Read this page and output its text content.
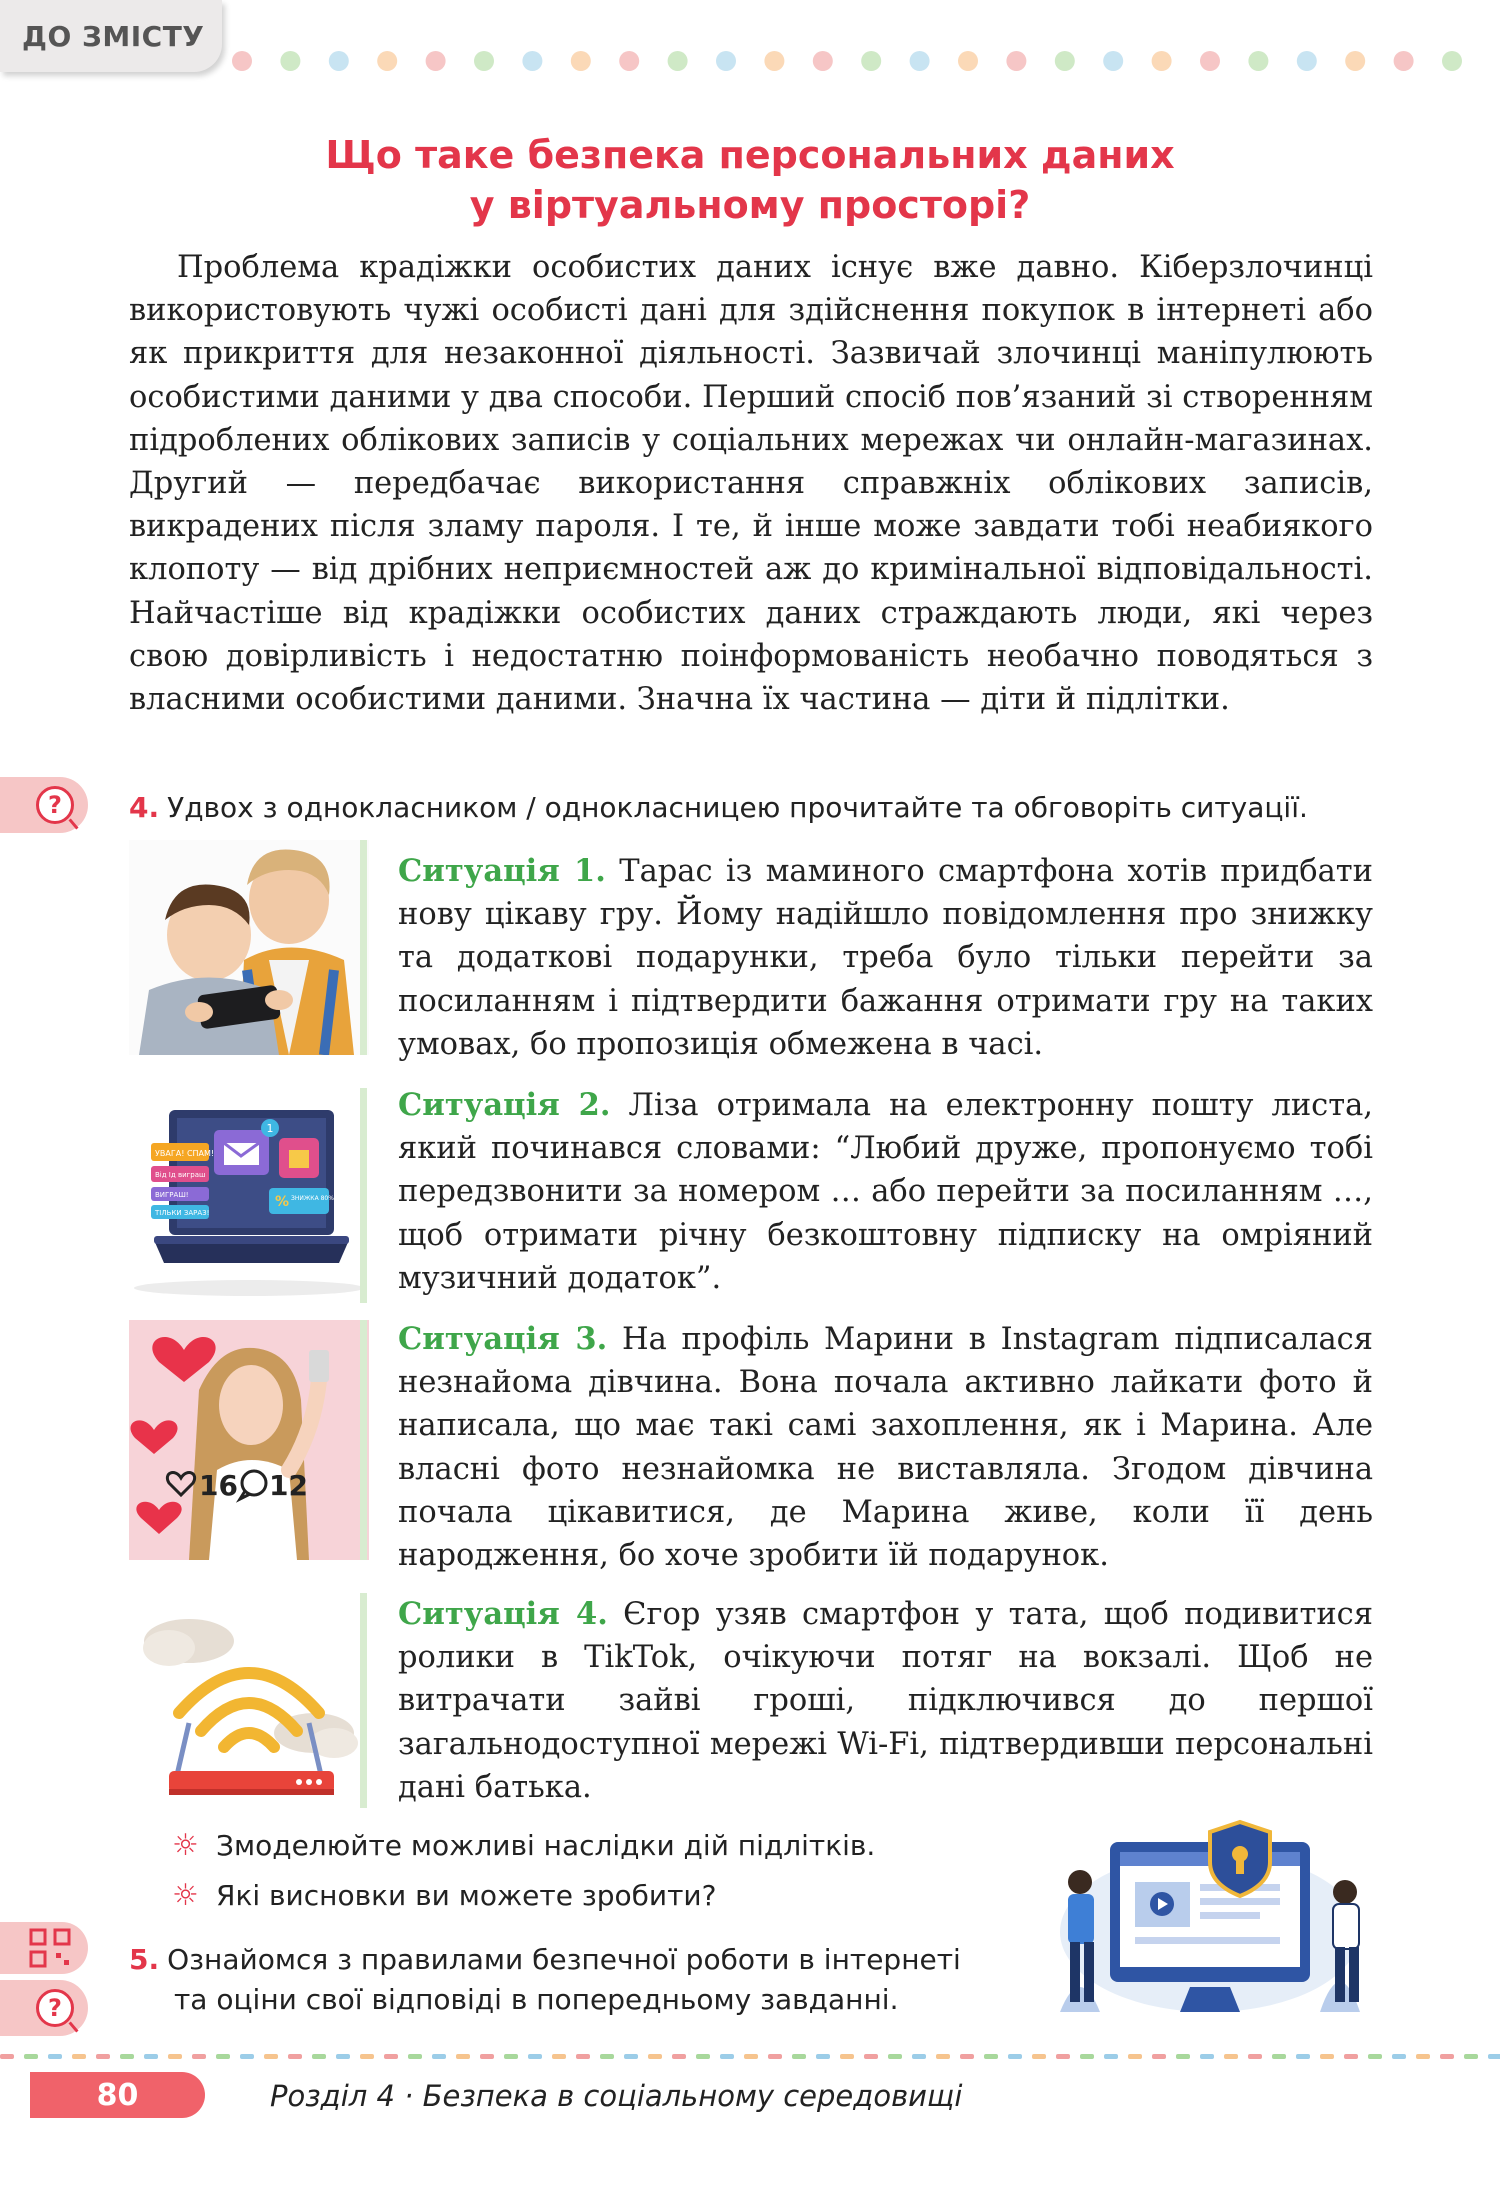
ДО ЗМІСТУ
Що таке безпека персональних даних
у віртуальному просторі?
Проблема крадіжки особистих даних існує вже давно. Кіберзлочинці використовують чужі особисті дані для здійснення покупок в інтернеті або як прикриття для незаконної діяльності. Зазвичай злочинці маніпулюють особистими даними у два способи. Перший спосіб пов’язаний зі створенням підроблених облікових записів у соціальних мережах чи онлайн-магазинах. Другий — передбачає використання справжніх облікових записів, викрадених після зламу пароля. І те, й інше може завдати тобі неабиякого клопоту — від дрібних неприємностей аж до кримінальної відповідальності. Найчастіше від крадіжки особистих даних страждають люди, які через свою довірливість і недостатню поінформованість необачно поводяться з власними особистими даними. Значна їх частина — діти й підлітки.
?	4. Удвох з однокласником / однокласницею прочитайте та обговоріть ситуації.
Ситуація 1. Тарас із маминого смартфона хотів придбати нову цікаву гру. Йому надійшло повідомлення про знижку та додаткові подарунки, треба було тільки перейти за посиланням і підтвердити бажання отримати гру на таких умовах, бо пропозиція обмежена в часі.
1
УВАГА! СПАМ!
Від Ід виграш
ВИГРАШ!
ТІЛЬКИ ЗАРАЗ!
% ЗНИЖКА 80% !!!
Ситуація 2. Ліза отримала на електронну пошту листа, який починався словами: “Любий друже, пропонуємо тобі передзвонити за номером … або перейти за посиланням …, щоб отримати річну безкоштовну підписку на омріяний музичний додаток”.
16 12
Ситуація 3. На профіль Марини в Instagram підписалася незнайома дівчина. Вона почала активно лайкати фото й написала, що має такі самі захоплення, як і Марина. Але власні фото незнайомка не виставляла. Згодом дівчина почала цікавитися, де Марина живе, коли її день народження, бо хоче зробити їй подарунок.
Ситуація 4. Єгор узяв смартфон у тата, щоб подивитися ролики в TikTok, очікуючи потяг на вокзалі. Щоб не витрачати зайві гроші, підключився до першої загальнодоступної мережі Wi-Fi, підтвердивши персональні дані батька.
☼ Змоделюйте можливі наслідки дій підлітків.
☼ Які висновки ви можете зробити?
?
5. Ознайомся з правилами безпечної роботи в інтернеті
та оціни свої відповіді в попередньому завданні.
80	Розділ 4 · Безпека в соціальному середовищі
